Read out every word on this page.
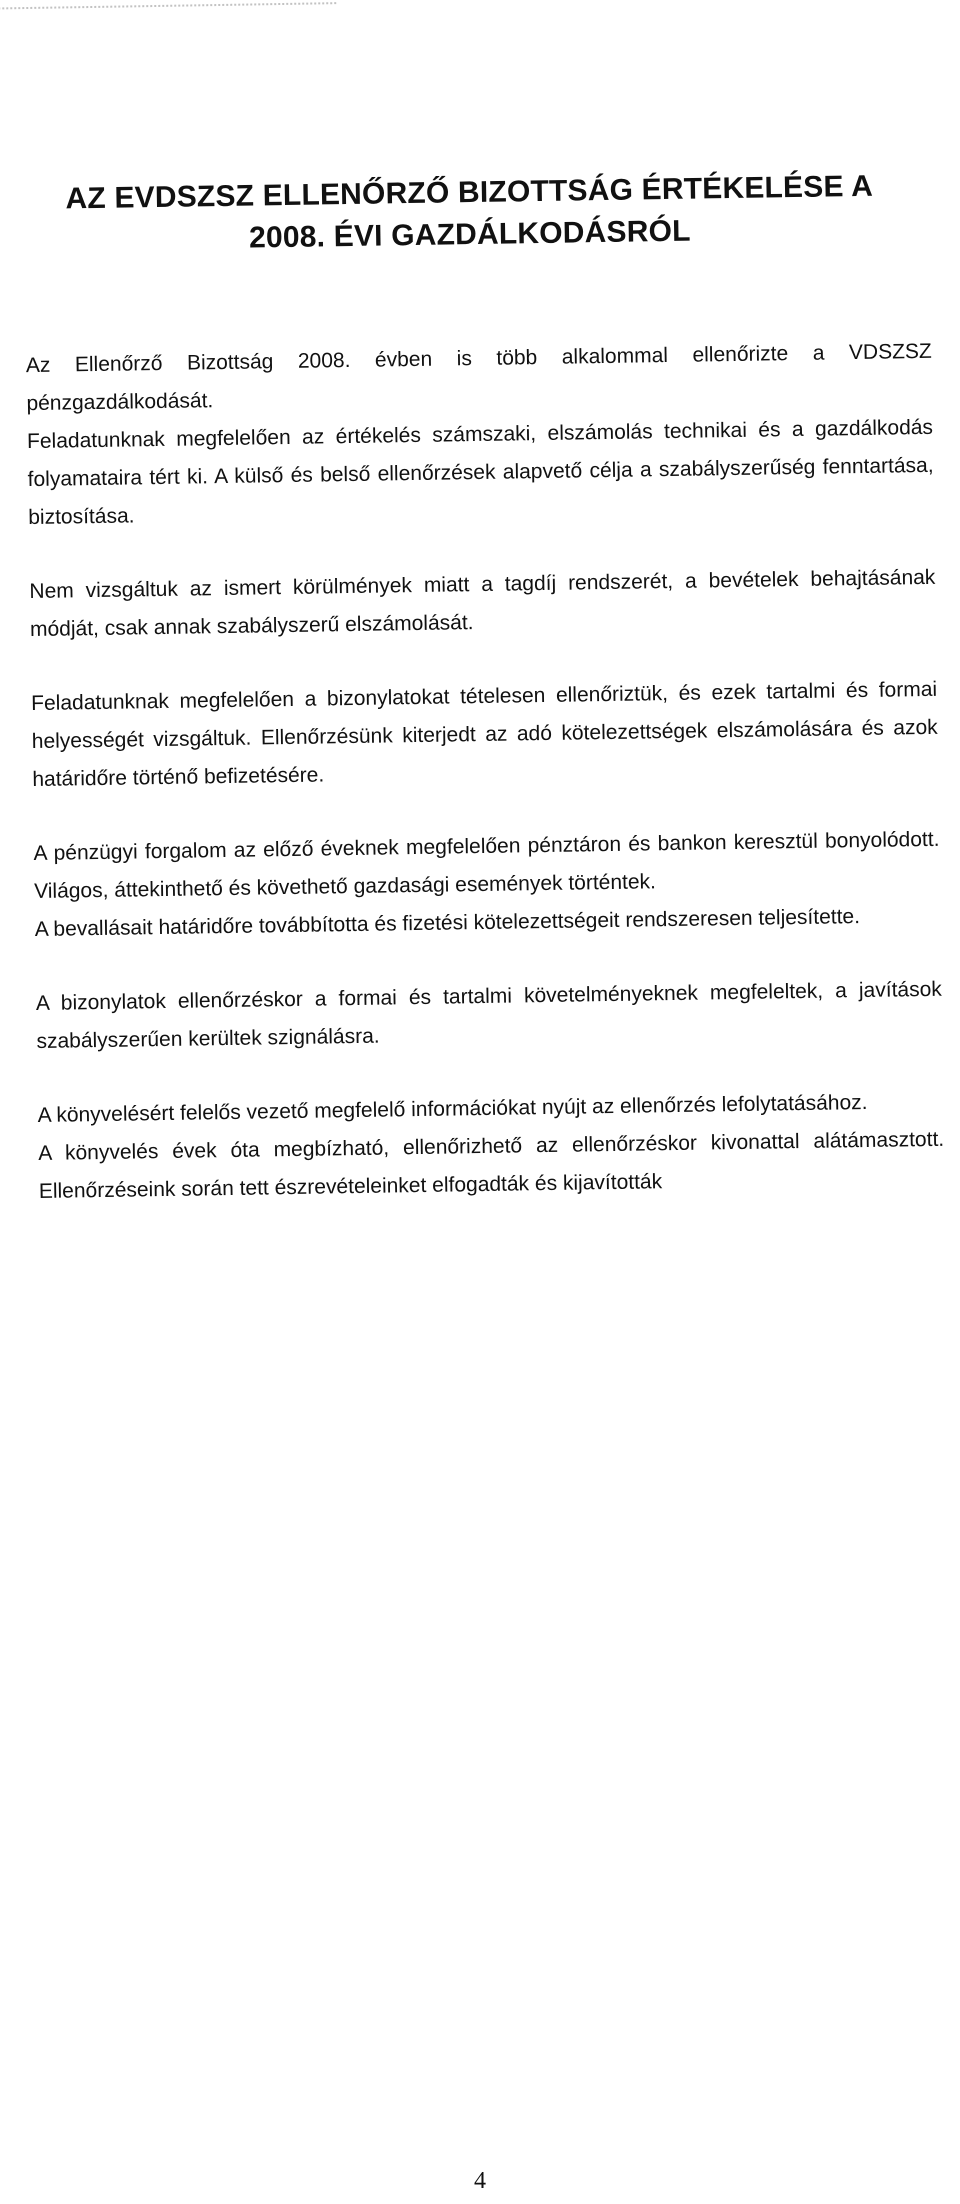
AZ EVDSZSZ ELLENŐRZŐ BIZOTTSÁG ÉRTÉKELÉSE A
2008. ÉVI GAZDÁLKODÁSRÓL

Az Ellenőrző Bizottság 2008. évben is több alkalommal ellenőrizte a VDSZSZ pénzgazdálkodását.

Feladatunknak megfelelően az értékelés számszaki, elszámolás technikai és a gazdálkodás folyamataira tért ki. A külső és belső ellenőrzések alapvető célja a szabályszerűség fenntartása, biztosítása.

Nem vizsgáltuk az ismert körülmények miatt a tagdíj rendszerét, a bevételek behajtásának módját, csak annak szabályszerű elszámolását.

Feladatunknak megfelelően a bizonylatokat tételesen ellenőriztük, és ezek tartalmi és formai helyességét vizsgáltuk. Ellenőrzésünk kiterjedt az adó kötelezettségek elszámolására és azok határidőre történő befizetésére.

A pénzügyi forgalom az előző éveknek megfelelően pénztáron és bankon keresztül bonyolódott. Világos, áttekinthető és követhető gazdasági események történtek.

A bevallásait határidőre továbbította és fizetési kötelezettségeit rendszeresen teljesítette.

A bizonylatok ellenőrzéskor a formai és tartalmi követelményeknek megfeleltek, a javítások szabályszerűen kerültek szignálásra.

A könyvelésért felelős vezető megfelelő információkat nyújt az ellenőrzés lefolytatásához.

A könyvelés évek óta megbízható, ellenőrizhető az ellenőrzéskor kivonattal alátámasztott. Ellenőrzéseink során tett észrevételeinket elfogadták és kijavították

4
